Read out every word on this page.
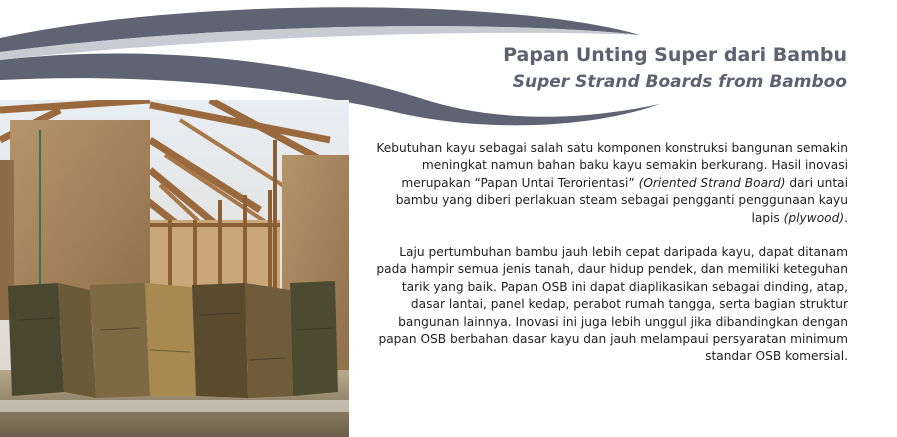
Papan Unting Super dari Bambu
Super Strand Boards from Bamboo

Kebutuhan kayu sebagai salah satu komponen konstruksi bangunan semakin meningkat namun bahan baku kayu semakin berkurang. Hasil inovasi merupakan “Papan Untai Terorientasi” (Oriented Strand Board) dari untai bambu yang diberi perlakuan steam sebagai pengganti penggunaan kayu lapis (plywood).

Laju pertumbuhan bambu jauh lebih cepat daripada kayu, dapat ditanam pada hampir semua jenis tanah, daur hidup pendek, dan memiliki keteguhan tarik yang baik. Papan OSB ini dapat diaplikasikan sebagai dinding, atap, dasar lantai, panel kedap, perabot rumah tangga, serta bagian struktur bangunan lainnya. Inovasi ini juga lebih unggul jika dibandingkan dengan papan OSB berbahan dasar kayu dan jauh melampaui persyaratan minimum standar OSB komersial.
